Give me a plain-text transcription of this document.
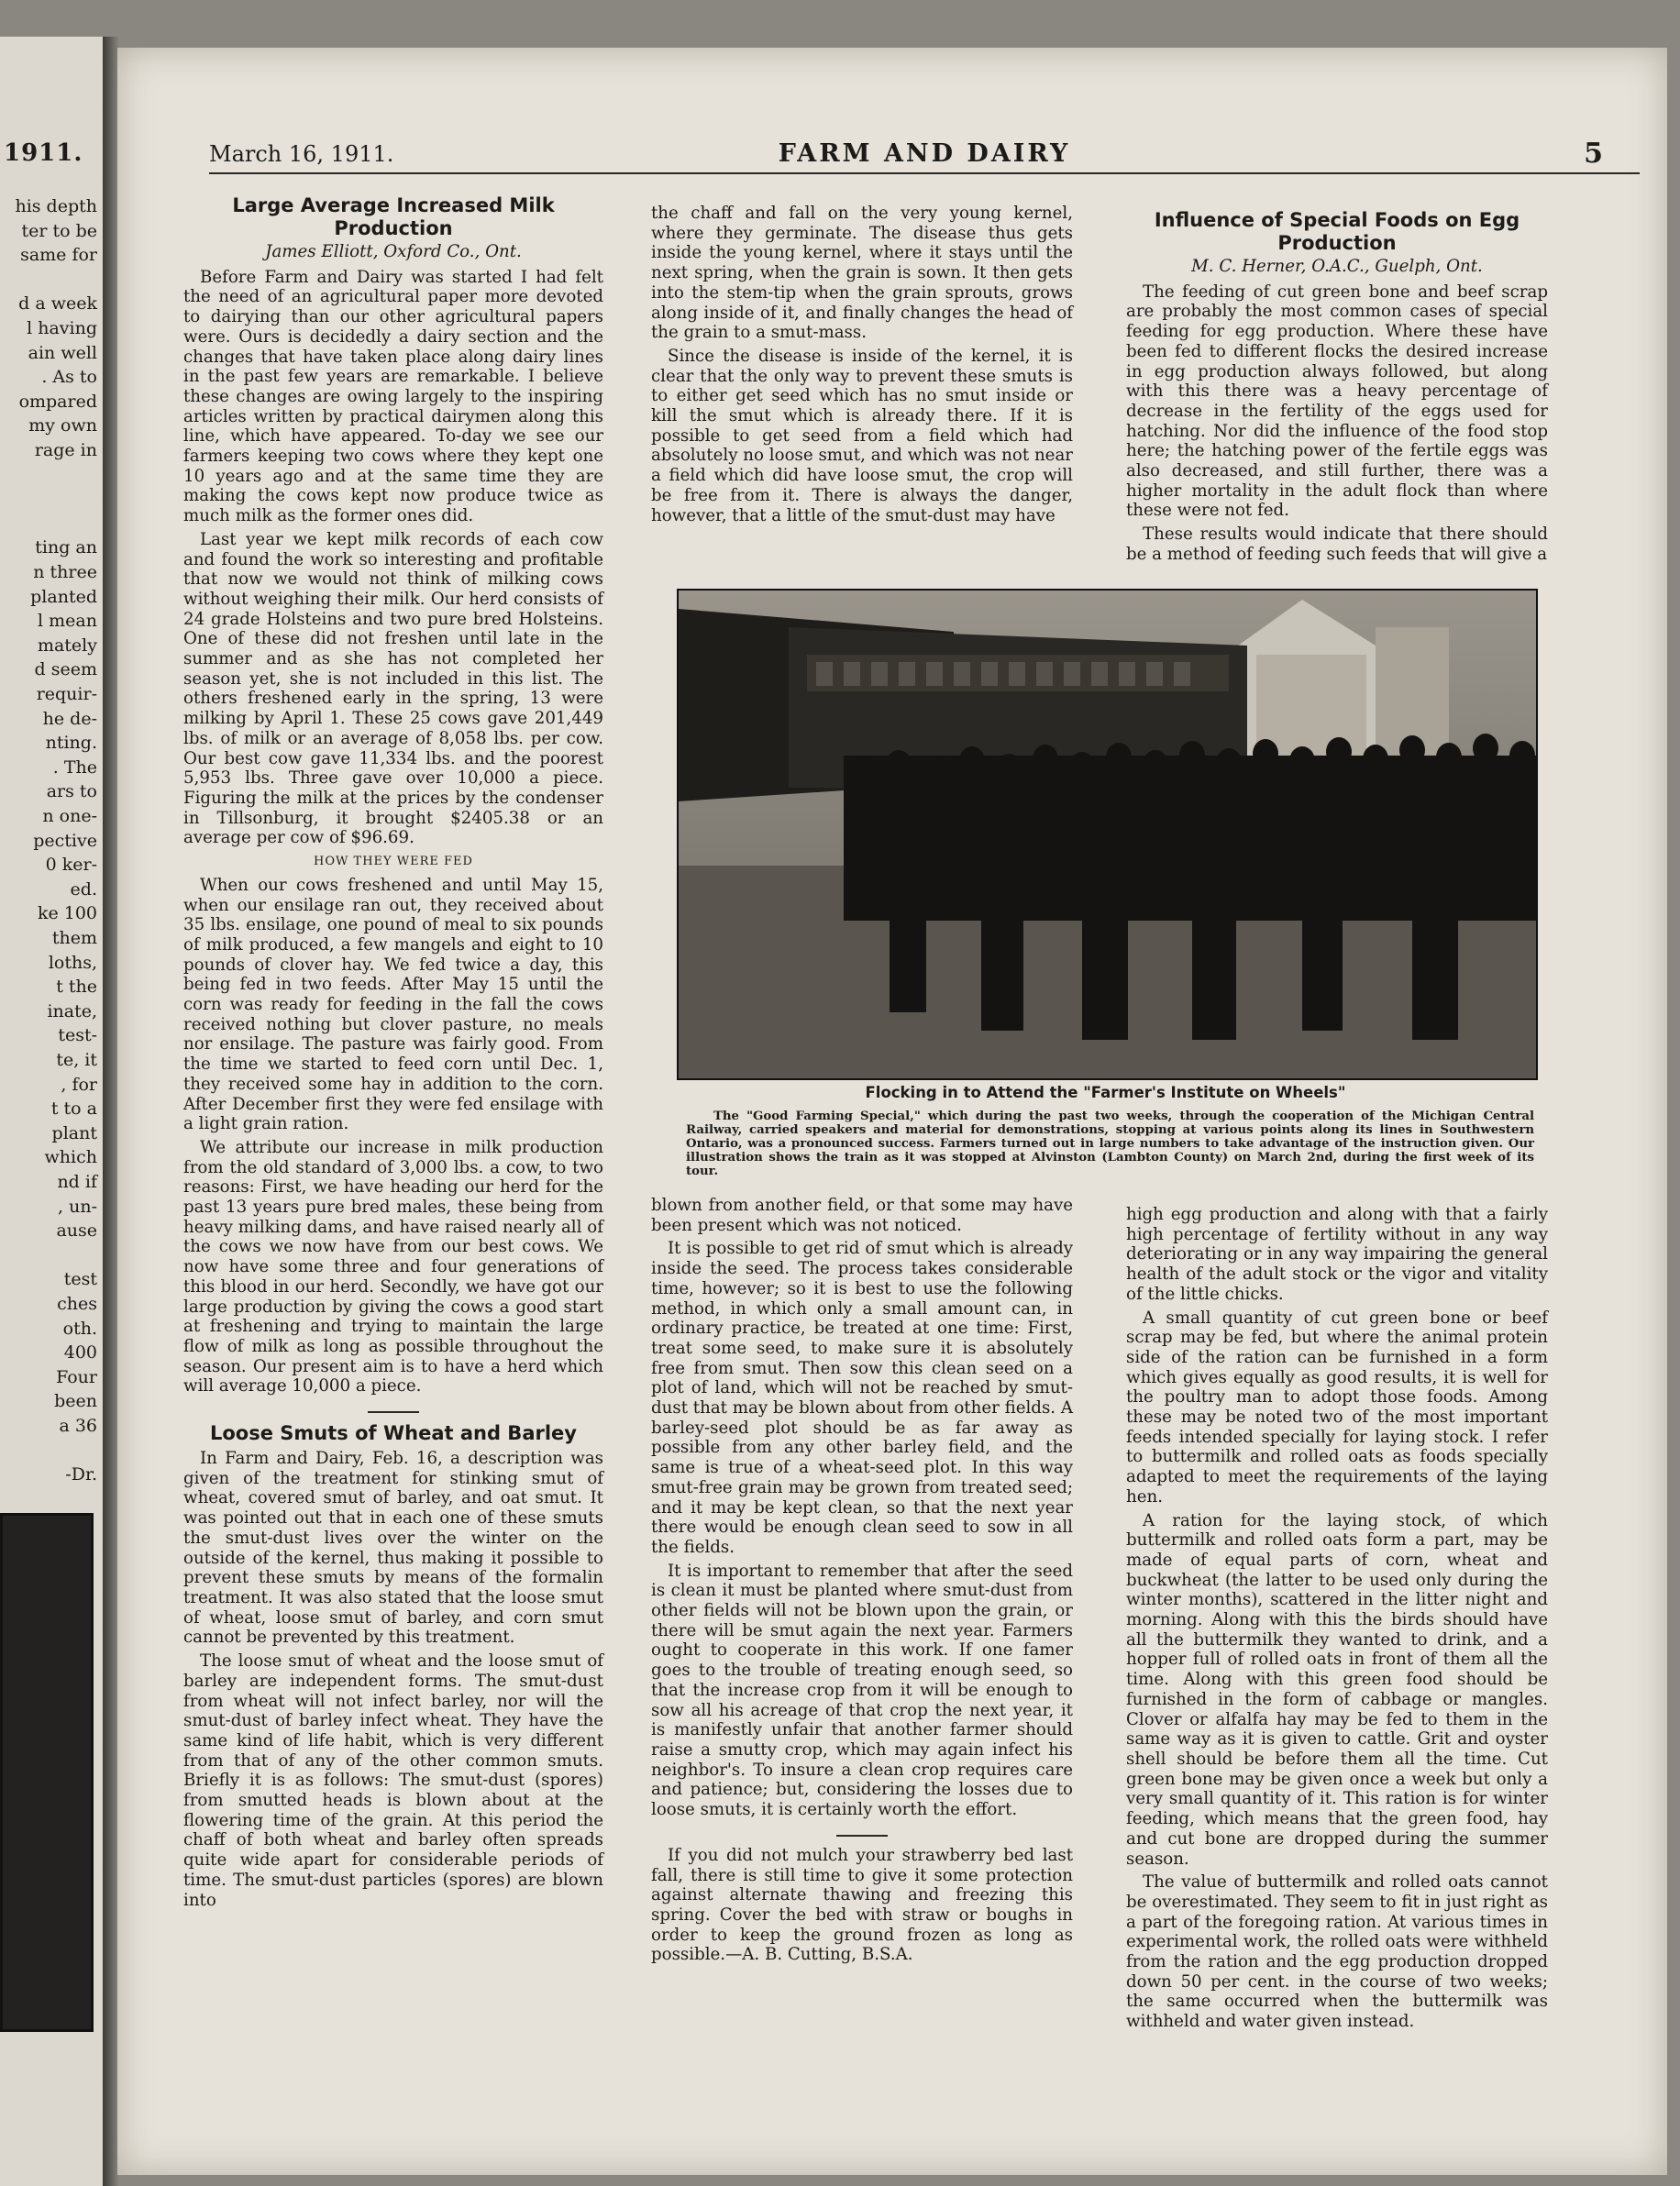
1911.
his depth
ter to be
same for
d a week
l having
ain well
. As to
ompared
my own
rage in
ting an
n three
planted
l mean
mately
d seem
requir-
he de-
nting.
. The
ars to
n one-
pective
0 ker-
ed.
ke 100
them
loths,
t the
inate,
test-
te, it
, for
t to a
plant
which
nd if
, un-
ause
test
ches
oth.
400
Four
been
a 36
-Dr.
March 16, 1911.	FARM AND DAIRY	5

Large Average Increased Milk Production

James Elliott, Oxford Co., Ont.

Before Farm and Dairy was started I had felt the need of an agricultural paper more devoted to dairying than our other agricultural papers were. Ours is decidedly a dairy section and the changes that have taken place along dairy lines in the past few years are remarkable. I believe these changes are owing largely to the inspiring articles written by practical dairymen along this line, which have appeared. To-day we see our farmers keeping two cows where they kept one 10 years ago and at the same time they are making the cows kept now produce twice as much milk as the former ones did.

Last year we kept milk records of each cow and found the work so interesting and profitable that now we would not think of milking cows without weighing their milk. Our herd consists of 24 grade Holsteins and two pure bred Holsteins. One of these did not freshen until late in the summer and as she has not completed her season yet, she is not included in this list. The others freshened early in the spring, 13 were milking by April 1. These 25 cows gave 201,449 lbs. of milk or an average of 8,058 lbs. per cow. Our best cow gave 11,334 lbs. and the poorest 5,953 lbs. Three gave over 10,000 a piece. Figuring the milk at the prices by the condenser in Tillsonburg, it brought $2405.38 or an average per cow of $96.69.

HOW THEY WERE FED

When our cows freshened and until May 15, when our ensilage ran out, they received about 35 lbs. ensilage, one pound of meal to six pounds of milk produced, a few mangels and eight to 10 pounds of clover hay. We fed twice a day, this being fed in two feeds. After May 15 until the corn was ready for feeding in the fall the cows received nothing but clover pasture, no meals nor ensilage. The pasture was fairly good. From the time we started to feed corn until Dec. 1, they received some hay in addition to the corn. After December first they were fed ensilage with a light grain ration.

We attribute our increase in milk production from the old standard of 3,000 lbs. a cow, to two reasons: First, we have heading our herd for the past 13 years pure bred males, these being from heavy milking dams, and have raised nearly all of the cows we now have from our best cows. We now have some three and four generations of this blood in our herd. Secondly, we have got our large production by giving the cows a good start at freshening and trying to maintain the large flow of milk as long as possible throughout the season. Our present aim is to have a herd which will average 10,000 a piece.

Loose Smuts of Wheat and Barley

In Farm and Dairy, Feb. 16, a description was given of the treatment for stinking smut of wheat, covered smut of barley, and oat smut. It was pointed out that in each one of these smuts the smut-dust lives over the winter on the outside of the kernel, thus making it possible to prevent these smuts by means of the formalin treatment. It was also stated that the loose smut of wheat, loose smut of barley, and corn smut cannot be prevented by this treatment.

The loose smut of wheat and the loose smut of barley are independent forms. The smut-dust from wheat will not infect barley, nor will the smut-dust of barley infect wheat. They have the same kind of life habit, which is very different from that of any of the other common smuts. Briefly it is as follows: The smut-dust (spores) from smutted heads is blown about at the flowering time of the grain. At this period the chaff of both wheat and barley often spreads quite wide apart for considerable periods of time. The smut-dust particles (spores) are blown into

the chaff and fall on the very young kernel, where they germinate. The disease thus gets inside the young kernel, where it stays until the next spring, when the grain is sown. It then gets into the stem-tip when the grain sprouts, grows along inside of it, and finally changes the head of the grain to a smut-mass.

Since the disease is inside of the kernel, it is clear that the only way to prevent these smuts is to either get seed which has no smut inside or kill the smut which is already there. If it is possible to get seed from a field which had absolutely no loose smut, and which was not near a field which did have loose smut, the crop will be free from it. There is always the danger, however, that a little of the smut-dust may have

Influence of Special Foods on Egg Production

M. C. Herner, O.A.C., Guelph, Ont.

The feeding of cut green bone and beef scrap are probably the most common cases of special feeding for egg production. Where these have been fed to different flocks the desired increase in egg production always followed, but along with this there was a heavy percentage of decrease in the fertility of the eggs used for hatching. Nor did the influence of the food stop here; the hatching power of the fertile eggs was also decreased, and still further, there was a higher mortality in the adult flock than where these were not fed.

These results would indicate that there should be a method of feeding such feeds that will give a

Flocking in to Attend the "Farmer's Institute on Wheels"
The "Good Farming Special," which during the past two weeks, through the cooperation of the Michigan Central Railway, carried speakers and material for demonstrations, stopping at various points along its lines in Southwestern Ontario, was a pronounced success. Farmers turned out in large numbers to take advantage of the instruction given. Our illustration shows the train as it was stopped at Alvinston (Lambton County) on March 2nd, during the first week of its tour.

blown from another field, or that some may have been present which was not noticed.

It is possible to get rid of smut which is already inside the seed. The process takes considerable time, however; so it is best to use the following method, in which only a small amount can, in ordinary practice, be treated at one time: First, treat some seed, to make sure it is absolutely free from smut. Then sow this clean seed on a plot of land, which will not be reached by smut-dust that may be blown about from other fields. A barley-seed plot should be as far away as possible from any other barley field, and the same is true of a wheat-seed plot. In this way smut-free grain may be grown from treated seed; and it may be kept clean, so that the next year there would be enough clean seed to sow in all the fields.

It is important to remember that after the seed is clean it must be planted where smut-dust from other fields will not be blown upon the grain, or there will be smut again the next year. Farmers ought to cooperate in this work. If one famer goes to the trouble of treating enough seed, so that the increase crop from it will be enough to sow all his acreage of that crop the next year, it is manifestly unfair that another farmer should raise a smutty crop, which may again infect his neighbor's. To insure a clean crop requires care and patience; but, considering the losses due to loose smuts, it is certainly worth the effort.

If you did not mulch your strawberry bed last fall, there is still time to give it some protection against alternate thawing and freezing this spring. Cover the bed with straw or boughs in order to keep the ground frozen as long as possible.—A. B. Cutting, B.S.A.

high egg production and along with that a fairly high percentage of fertility without in any way deteriorating or in any way impairing the general health of the adult stock or the vigor and vitality of the little chicks.

A small quantity of cut green bone or beef scrap may be fed, but where the animal protein side of the ration can be furnished in a form which gives equally as good results, it is well for the poultry man to adopt those foods. Among these may be noted two of the most important feeds intended specially for laying stock. I refer to buttermilk and rolled oats as foods specially adapted to meet the requirements of the laying hen.

A ration for the laying stock, of which buttermilk and rolled oats form a part, may be made of equal parts of corn, wheat and buckwheat (the latter to be used only during the winter months), scattered in the litter night and morning. Along with this the birds should have all the buttermilk they wanted to drink, and a hopper full of rolled oats in front of them all the time. Along with this green food should be furnished in the form of cabbage or mangles. Clover or alfalfa hay may be fed to them in the same way as it is given to cattle. Grit and oyster shell should be before them all the time. Cut green bone may be given once a week but only a very small quantity of it. This ration is for winter feeding, which means that the green food, hay and cut bone are dropped during the summer season.

The value of buttermilk and rolled oats cannot be overestimated. They seem to fit in just right as a part of the foregoing ration. At various times in experimental work, the rolled oats were withheld from the ration and the egg production dropped down 50 per cent. in the course of two weeks; the same occurred when the buttermilk was withheld and water given instead.
